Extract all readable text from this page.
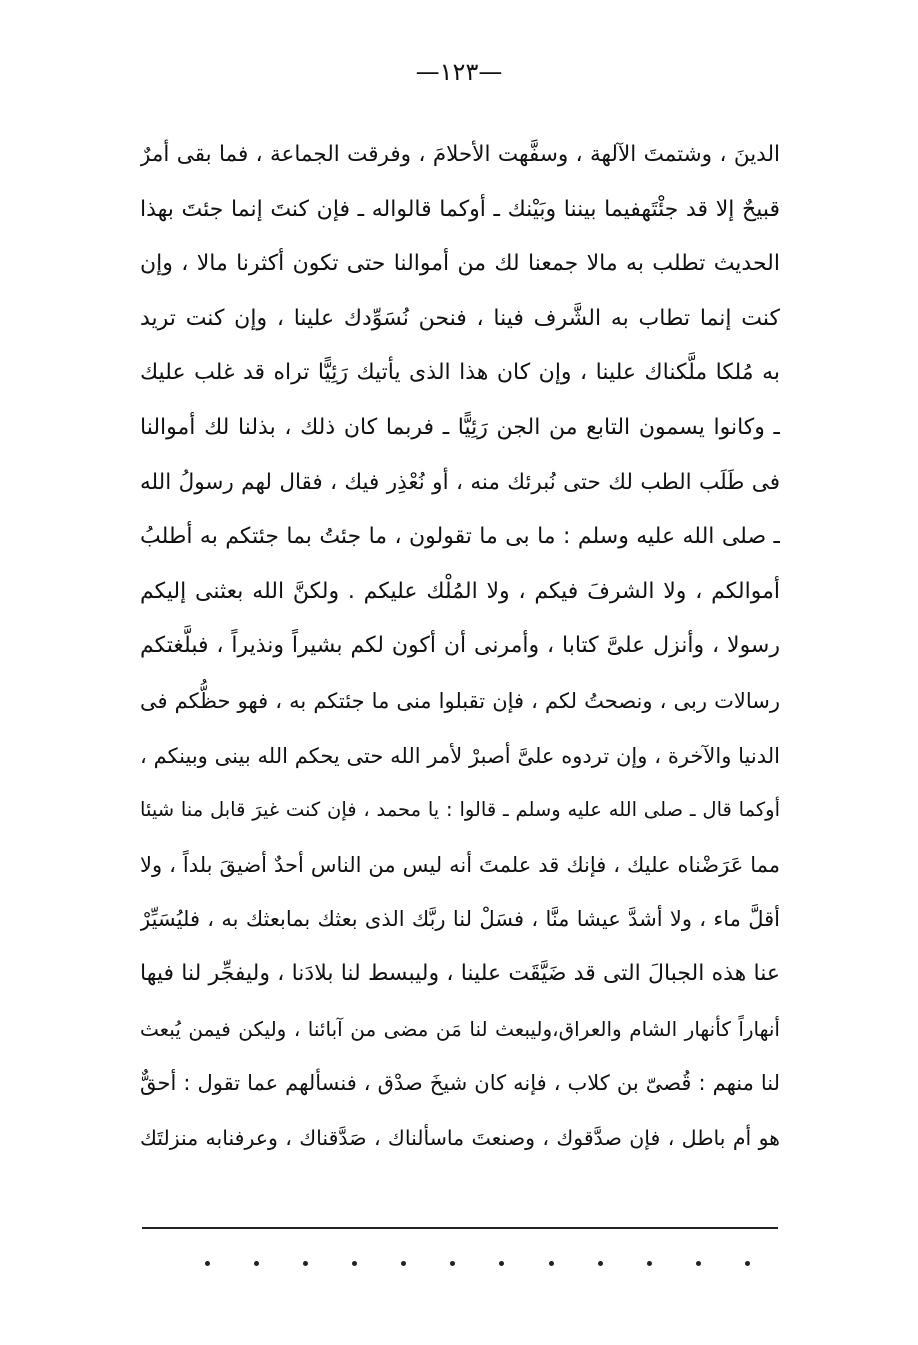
—١٢٣—
الدينَ ، وشتمتَ الآلهة ، وسفَّهت الأحلامَ ، وفرقت الجماعة ، فما بقى أمرٌ
قبيحٌ إلا قد جئْتَهفيما بيننا وبَيْنك ـ أوكما قالواله ـ فإن كنتَ إنما جئتَ بهذا
الحديث تطلب به مالا جمعنا لك من أموالنا حتى تكون أكثرنا مالا ، وإن
كنت إنما تطاب به الشَّرف فينا ، فنحن نُسَوِّدك علينا ، وإن كنت تريد
به مُلكا ملَّكناك علينا ، وإن كان هذا الذى يأتيك رَئِيًّا تراه قد غلب عليك
ـ وكانوا يسمون التابع من الجن رَئِيًّا ـ فربما كان ذلك ، بذلنا لك أموالنا
فى طَلَب الطب لك حتى نُبرئك منه ، أو نُعْذِر فيك ، فقال لهم رسولُ الله
ـ صلى الله عليه وسلم : ما بى ما تقولون ، ما جئتُ بما جئتكم به أطلبُ
أموالكم ، ولا الشرفَ فيكم ، ولا المُلْك عليكم . ولكنَّ الله بعثنى إليكم
رسولا ، وأنزل علىَّ كتابا ، وأمرنى أن أكون لكم بشيراً ونذيراً ، فبلَّغتكم
رسالات ربى ، ونصحتُ لكم ، فإن تقبلوا منى ما جئتكم به ، فهو حظُّكم فى
الدنيا والآخرة ، وإن تردوه علىَّ أصبرْ لأمر الله حتى يحكم الله بينى وبينكم ،
أوكما قال ـ صلى الله عليه وسلم ـ قالوا : يا محمد ، فإن كنت غيرَ قابل منا شيئا
مما عَرَضْناه عليك ، فإنك قد علمتَ أنه ليس من الناس أحدٌ أضيقَ بلداً ، ولا
أقلَّ ماء ، ولا أشدَّ عيشا منَّا ، فسَلْ لنا ربَّك الذى بعثك بمابعثك به ، فليُسَيِّرْ
عنا هذه الجبالَ التى قد ضَيَّقَت علينا ، وليبسط لنا بلادَنا ، وليفجِّر لنا فيها
أنهاراً كأنهار الشام والعراق،وليبعث لنا مَن مضى من آبائنا ، وليكن فيمن يُبعث
لنا منهم : قُصىّ بن كلاب ، فإنه كان شيخَ صدْق ، فنسألهم عما تقول : أحقٌّ
هو أم باطل ، فإن صدَّقوك ، وصنعتَ ماسألناك ، صَدَّقناك ، وعرفنابه منزلتَك
